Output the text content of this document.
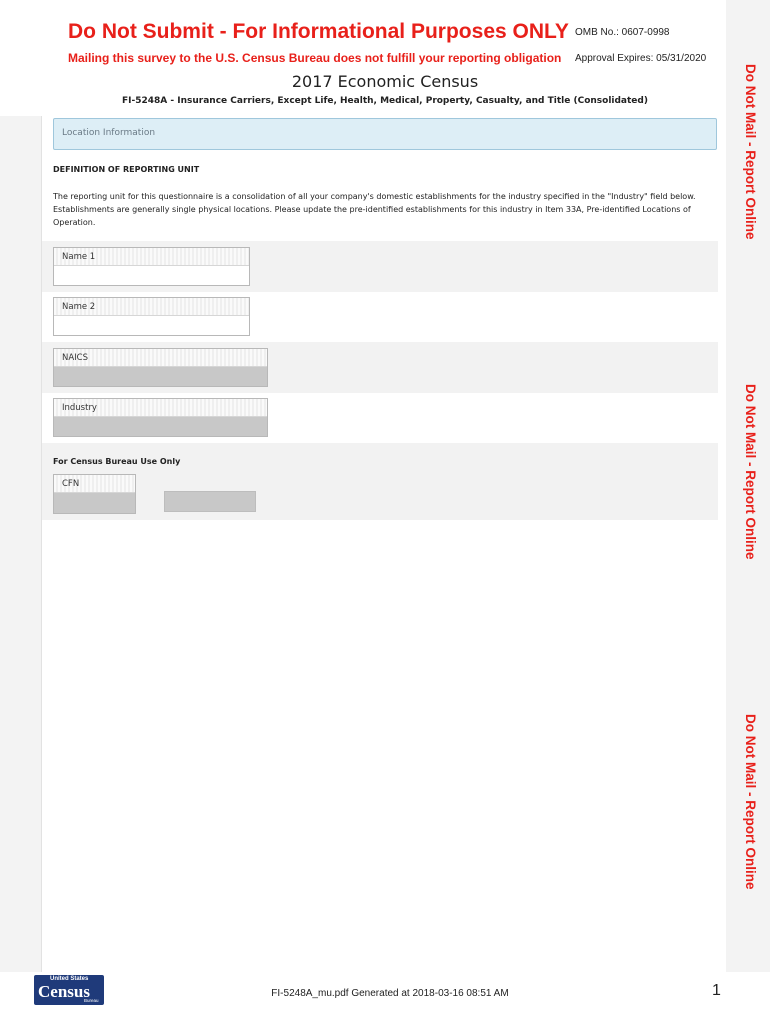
Do Not Submit - For Informational Purposes ONLY
Mailing this survey to the U.S. Census Bureau does not fulfill your reporting obligation
OMB No.: 0607-0998
Approval Expires: 05/31/2020
Do Not Mail - Report Online
Do Not Mail - Report Online
Do Not Mail - Report Online
2017 Economic Census
FI-5248A - Insurance Carriers, Except Life, Health, Medical, Property, Casualty, and Title (Consolidated)
Location Information
DEFINITION OF REPORTING UNIT
The reporting unit for this questionnaire is a consolidation of all your company's domestic establishments for the industry specified in the "Industry" field below. Establishments are generally single physical locations. Please update the pre-identified establishments for this industry in Item 33A, Pre-identified Locations of Operation.
Name 1
Name 2
NAICS
Industry
For Census Bureau Use Only
CFN
United States
Census
Bureau
FI-5248A_mu.pdf Generated at 2018-03-16 08:51 AM	1
